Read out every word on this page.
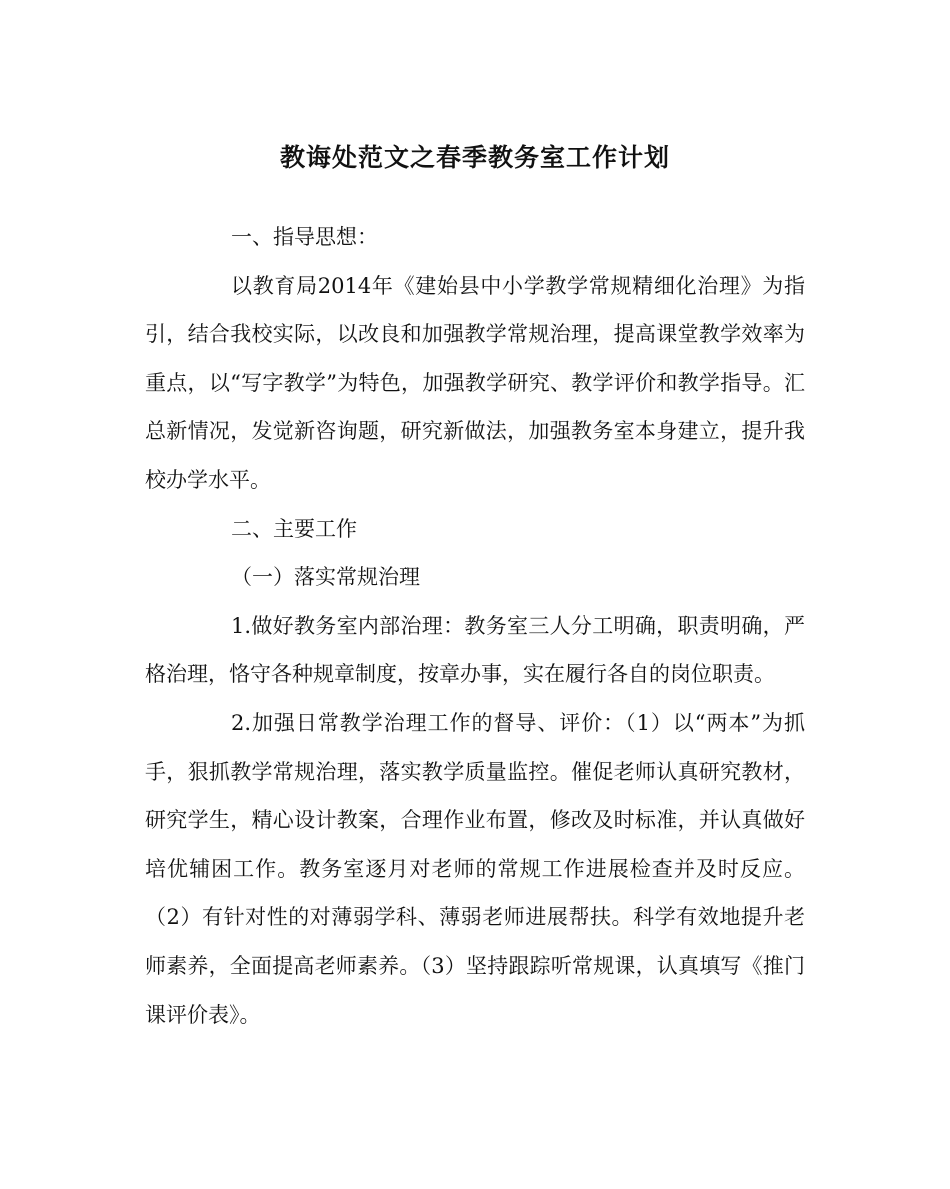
教诲处范文之春季教务室工作计划

一、指导思想：

以教育局2014年《建始县中小学教学常规精细化治理》为指引，结合我校实际，以改良和加强教学常规治理，提高课堂教学效率为重点，以“写字教学”为特色，加强教学研究、教学评价和教学指导。汇总新情况，发觉新咨询题，研究新做法，加强教务室本身建立，提升我校办学水平。

二、主要工作

（一）落实常规治理

1.做好教务室内部治理：教务室三人分工明确，职责明确，严格治理，恪守各种规章制度，按章办事，实在履行各自的岗位职责。

2.加强日常教学治理工作的督导、评价：（1）以“两本”为抓手，狠抓教学常规治理，落实教学质量监控。催促老师认真研究教材，研究学生，精心设计教案，合理作业布置，修改及时标准，并认真做好培优辅困工作。教务室逐月对老师的常规工作进展检查并及时反应。（2）有针对性的对薄弱学科、薄弱老师进展帮扶。科学有效地提升老师素养，全面提高老师素养。（3）坚持跟踪听常规课，认真填写《推门课评价表》。
